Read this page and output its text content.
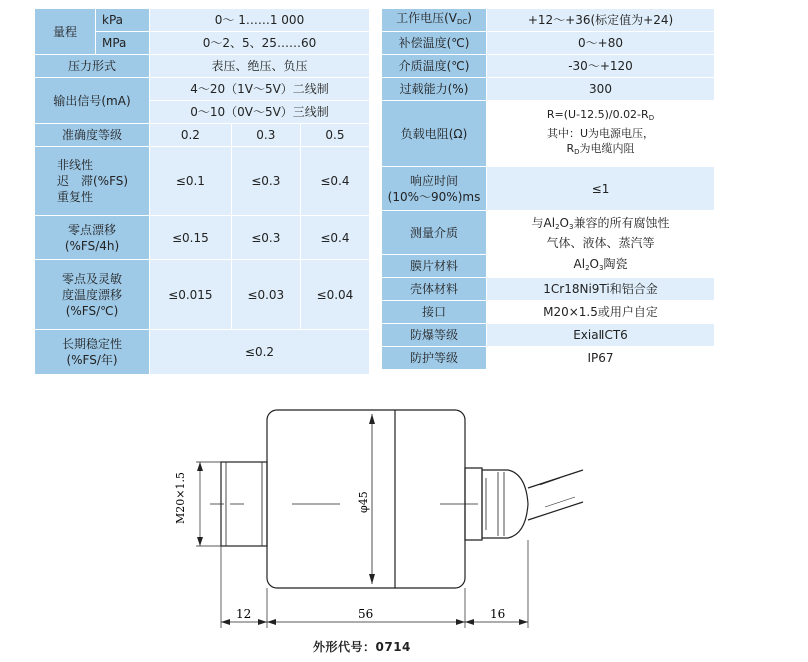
量程	kPa	0～ 1……1 000		
	MPa	0～2、5、25……60		
压力形式		表压、绝压、负压		
输出信号(mA)		4～20（1V～5V）二线制		
		0～10（0V～5V）三线制		
准确度等级		0.2	0.3	0.5
非线性
迟　滞(%FS)
重复性		≤0.1	≤0.3	≤0.4
零点漂移
(%FS/4h)		≤0.15	≤0.3	≤0.4
零点及灵敏
度温度漂移
(%FS/℃)		≤0.015	≤0.03	≤0.04
长期稳定性
(%FS/年)		≤0.2		
工作电压$(V_{DC})$	+12～+36(标定值为+24)
补偿温度(℃)	0～+80
介质温度(℃)	-30～+120
过载能力(%)	300
负载电阻(Ω)	$R=(U-12.5)/0.02-R_D$
其中：U为电源电压，
$R_D$为电缆内阻

响应时间
(10%～90%)ms	≤1
测量介质	与$Al_2O_3$兼容的所有腐蚀性
气体、液体、蒸汽等

膜片材料	$Al_2O_3$陶瓷
壳体材料	1Cr18Ni9Ti和铝合金
接口	M20×1.5或用户自定
防爆等级	ExiaⅡCT6
防护等级	IP67
M20×1.5	φ45
12	56	16
外形代号：0714
